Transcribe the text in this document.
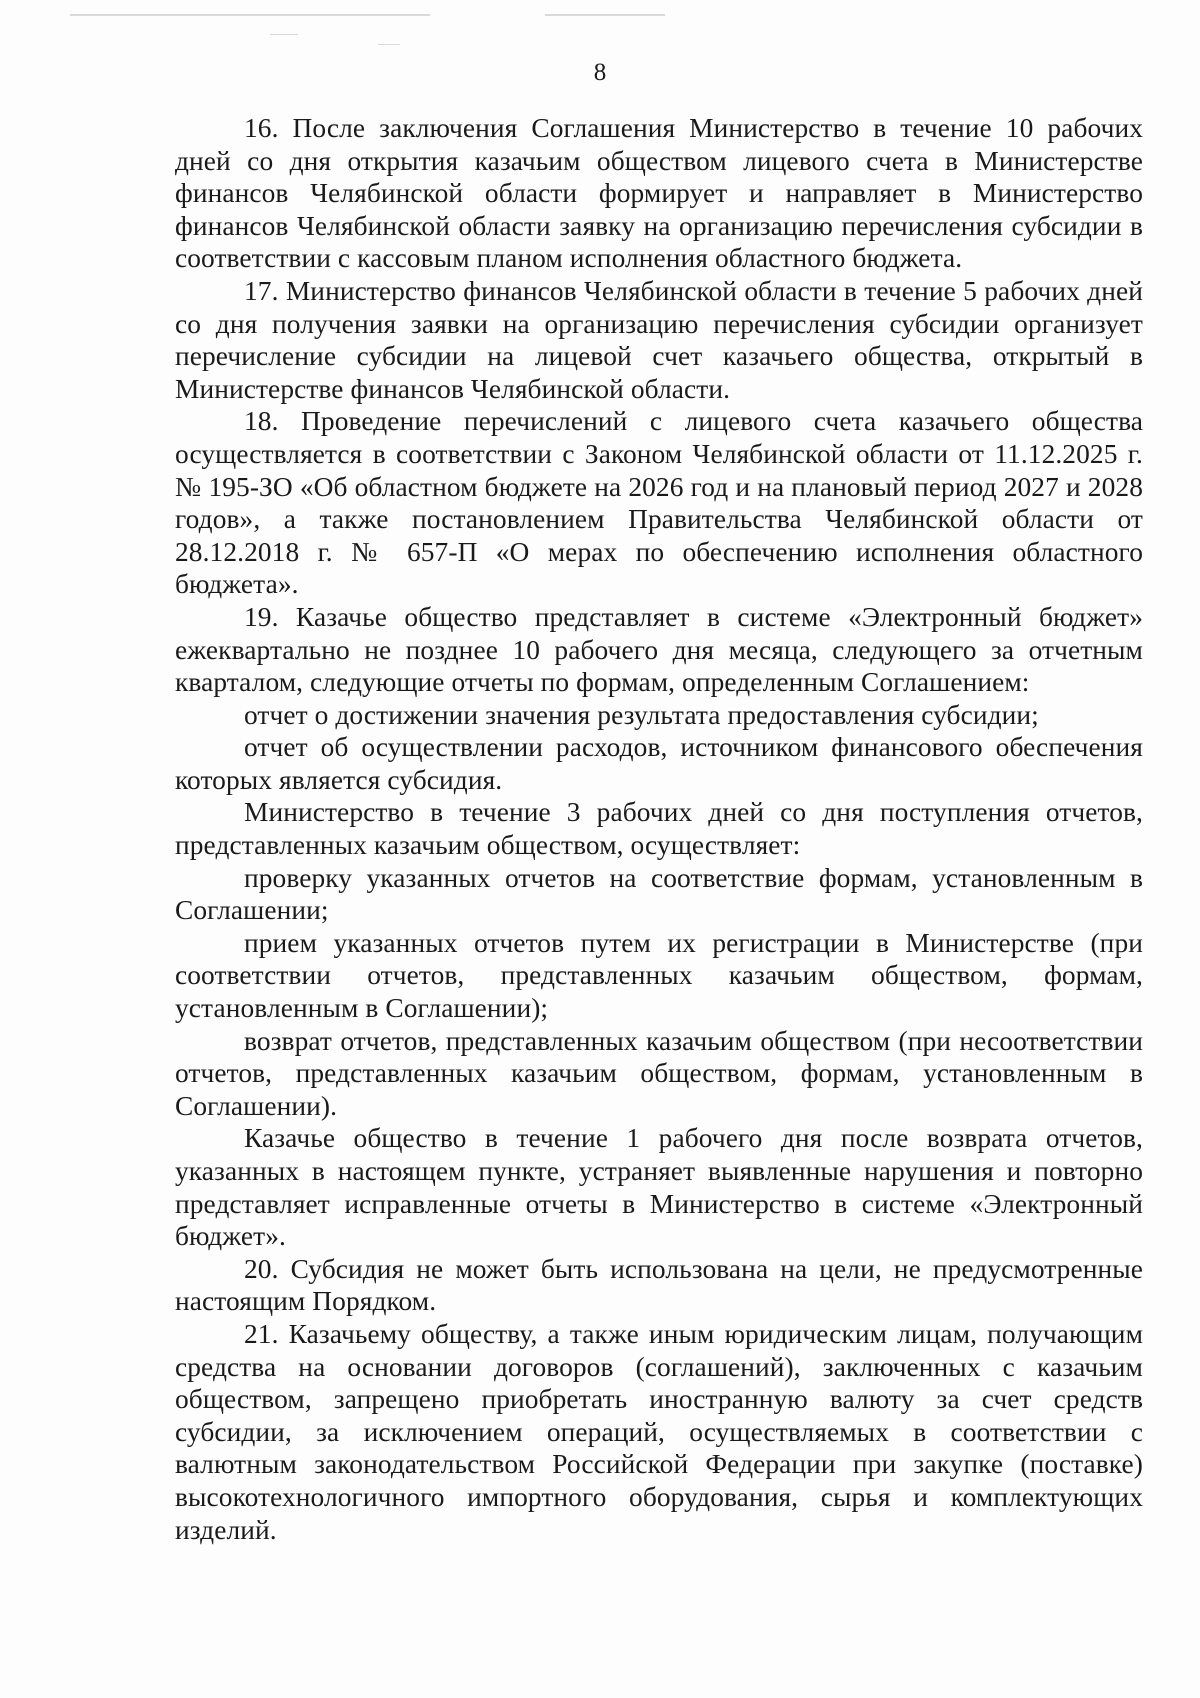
8

16. После заключения Соглашения Министерство в течение 10 рабочих дней со дня открытия казачьим обществом лицевого счета в Министерстве финансов Челябинской области формирует и направляет в Министерство финансов Челябинской области заявку на организацию перечисления субсидии в соответствии с кассовым планом исполнения областного бюджета.

17. Министерство финансов Челябинской области в течение 5 рабочих дней со дня получения заявки на организацию перечисления субсидии организует перечисление субсидии на лицевой счет казачьего общества, открытый в Министерстве финансов Челябинской области.

18. Проведение перечислений с лицевого счета казачьего общества осуществляется в соответствии с Законом Челябинской области от 11.12.2025 г. № 195-ЗО «Об областном бюджете на 2026 год и на плановый период 2027 и 2028 годов», а также постановлением Правительства Челябинской области от 28.12.2018 г. № 657-П «О мерах по обеспечению исполнения областного бюджета».

19. Казачье общество представляет в системе «Электронный бюджет» ежеквартально не позднее 10 рабочего дня месяца, следующего за отчетным кварталом, следующие отчеты по формам, определенным Соглашением:

отчет о достижении значения результата предоставления субсидии;

отчет об осуществлении расходов, источником финансового обеспечения которых является субсидия.

Министерство в течение 3 рабочих дней со дня поступления отчетов, представленных казачьим обществом, осуществляет:

проверку указанных отчетов на соответствие формам, установленным в Соглашении;

прием указанных отчетов путем их регистрации в Министерстве (при соответствии отчетов, представленных казачьим обществом, формам, установленным в Соглашении);

возврат отчетов, представленных казачьим обществом (при несоответствии отчетов, представленных казачьим обществом, формам, установленным в Соглашении).

Казачье общество в течение 1 рабочего дня после возврата отчетов, указанных в настоящем пункте, устраняет выявленные нарушения и повторно представляет исправленные отчеты в Министерство в системе «Электронный бюджет».

20. Субсидия не может быть использована на цели, не предусмотренные настоящим Порядком.

21. Казачьему обществу, а также иным юридическим лицам, получающим средства на основании договоров (соглашений), заключенных с казачьим обществом, запрещено приобретать иностранную валюту за счет средств субсидии, за исключением операций, осуществляемых в соответствии с валютным законодательством Российской Федерации при закупке (поставке) высокотехнологичного импортного оборудования, сырья и комплектующих изделий.
